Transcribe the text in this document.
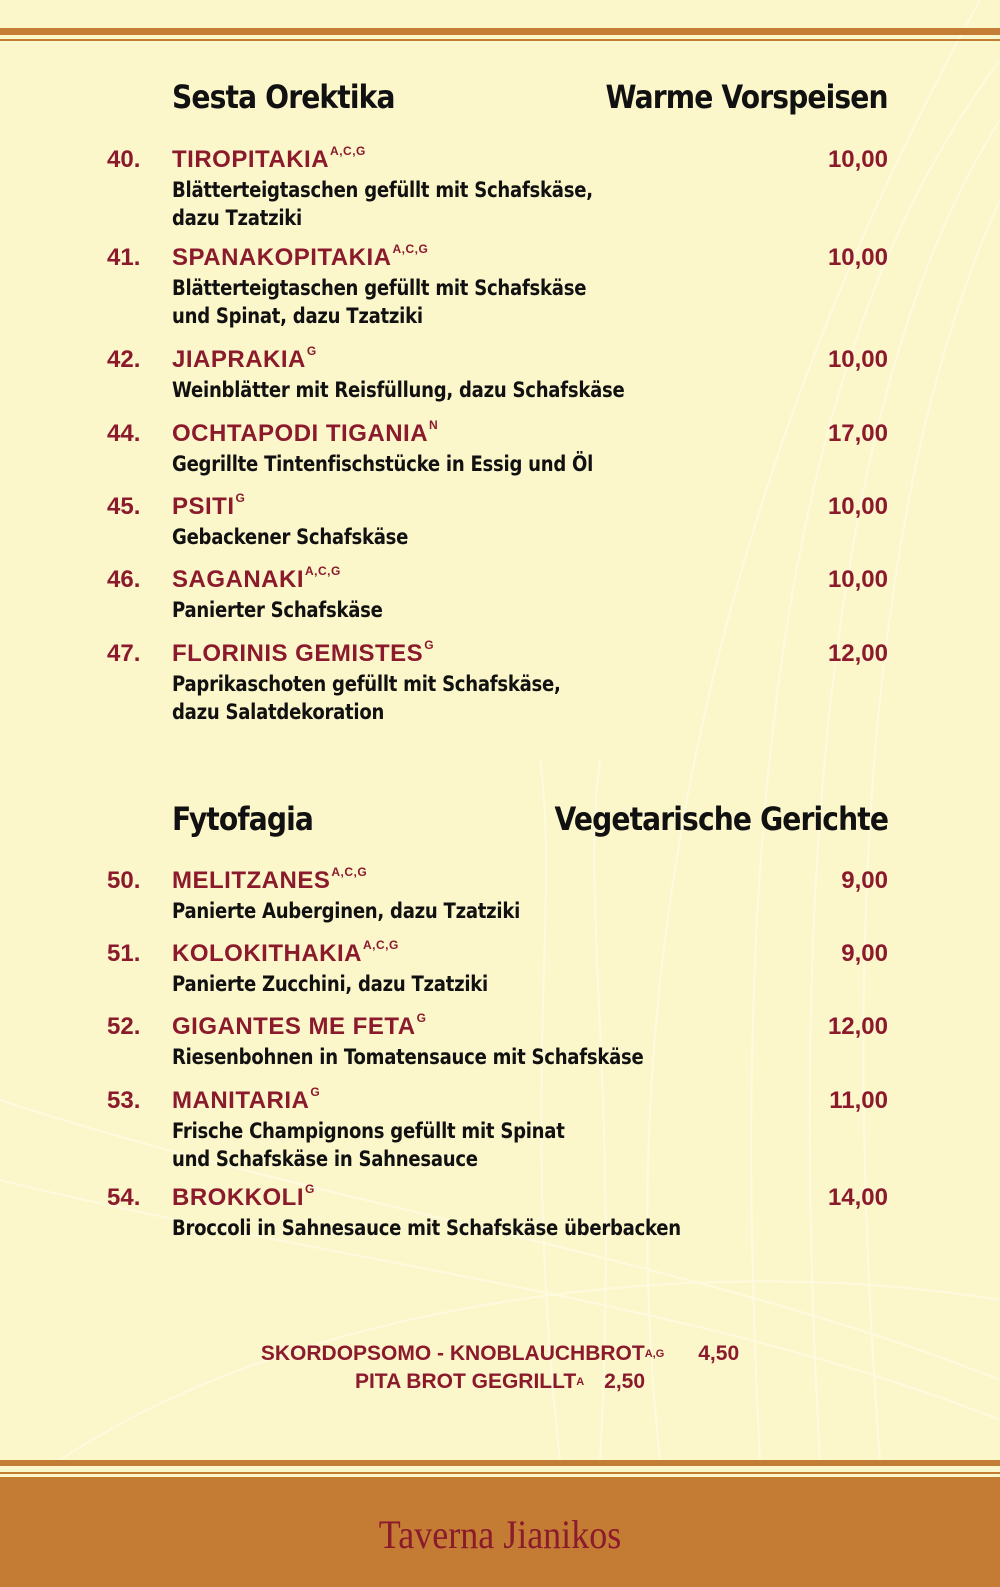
Sesta Orektika	Warme Vorspeisen
40. $TIROPITAKIA^{A,C,G}$	10,00
Blätterteigtaschen gefüllt mit Schafskäse,
dazu Tzatziki
41. $SPANAKOPITAKIA^{A,C,G}$	10,00
Blätterteigtaschen gefüllt mit Schafskäse
und Spinat, dazu Tzatziki
42. $JIAPRAKIA^G$	10,00
Weinblätter mit Reisfüllung, dazu Schafskäse
44. OCHTAPODI $TIGANIA^N$	17,00
Gegrillte Tintenfischstücke in Essig und Öl
45. $PSITI^G$	10,00
Gebackener Schafskäse
46. $SAGANAKI^{A,C,G}$	10,00
Panierter Schafskäse
47. FLORINIS $GEMISTES^G$	12,00
Paprikaschoten gefüllt mit Schafskäse,
dazu Salatdekoration
Fytofagia	Vegetarische Gerichte
50. $MELITZANES^{A,C,G}$	9,00
Panierte Auberginen, dazu Tzatziki
51. $KOLOKITHAKIA^{A,C,G}$	9,00
Panierte Zucchini, dazu Tzatziki
52. GIGANTES ME $FETA^G$	12,00
Riesenbohnen in Tomatensauce mit Schafskäse
53. $MANITARIA^G$	11,00
Frische Champignons gefüllt mit Spinat
und Schafskäse in Sahnesauce
54. $BROKKOLI^G$	14,00
Broccoli in Sahnesauce mit Schafskäse überbacken
SKORDOPSOMO - $KNOBLAUCHBROT^{A,G}$ 4,50
PITA BROT $GEGRILLT^A$ 2,50
Taverna Jianikos
